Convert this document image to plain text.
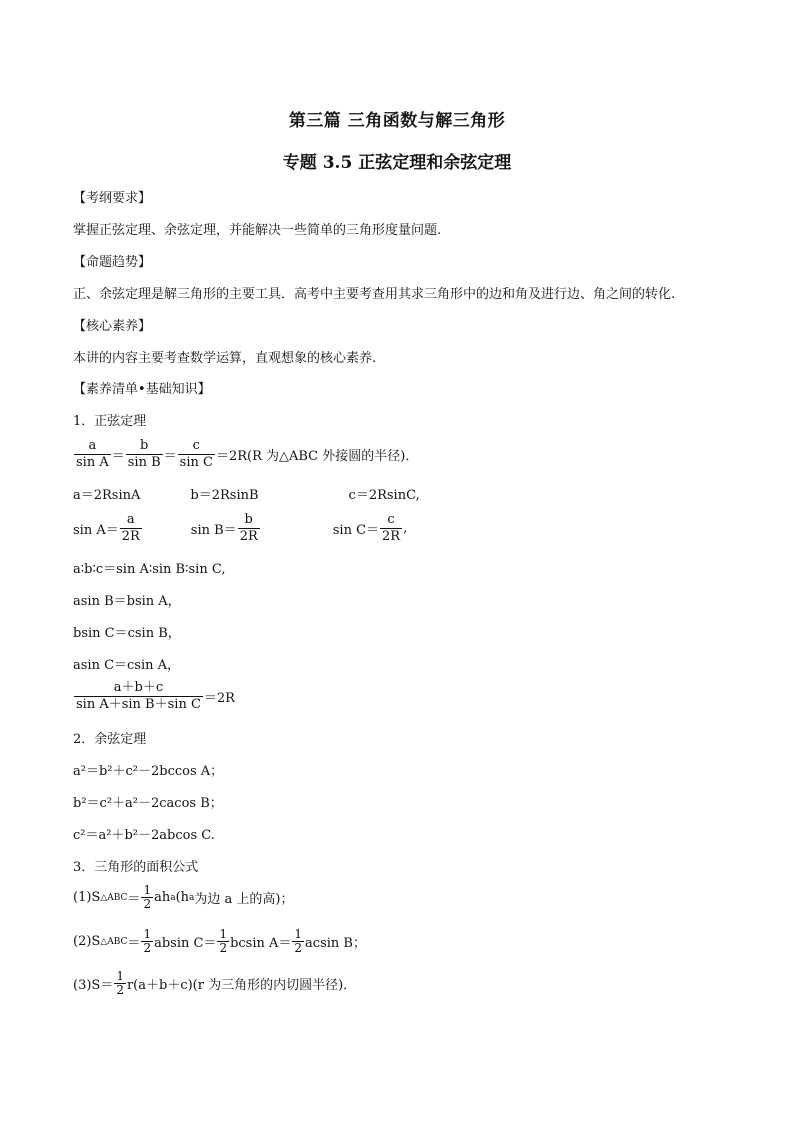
第三篇 三角函数与解三角形
专题 3.5 正弦定理和余弦定理
【考纲要求】
掌握正弦定理、余弦定理，并能解决一些简单的三角形度量问题.
【命题趋势】
正、余弦定理是解三角形的主要工具．高考中主要考查用其求三角形中的边和角及进行边、角之间的转化.
【核心素养】
本讲的内容主要考查数学运算，直观想象的核心素养.
【素养清单•基础知识】
1．正弦定理
$\frac{a}{\text{sin A}} = \frac{b}{\text{sin B}} = \frac{c}{\text{sin C}} =2R(R$ 为△ABC 外接圆的半径)．
a＝2RsinA	b＝2RsinB	c＝2RsinC,
$\sin A= \frac{a}{2R}$	$\sin B= \frac{b}{2R}$	$\sin C= \frac{c}{2R}$ ,
a∶b∶c＝sin A∶sin B∶sin C,
asin B＝bsin A，
bsin C＝csin B，
asin C＝csin A，
$\frac{a+b+c}{\text{sin A＋sin B＋sin C}} =2R$
2．余弦定理
a²＝b²＋c²－2bccos A；
b²＝c²＋a²－2cacos B；
c²＝a²＋b²－2abcos C.
3．三角形的面积公式
(1)S △ABC ＝ $\frac{1}{2}$ ah a (h a 为边 a 上的高)；
(2)S △ABC ＝ $\frac{1}{2}$ absin $C= \frac{1}{2}$ bcsin $A= \frac{1}{2}$ acsin B；
$(3)S= \frac{1}{2} r(a+b+c)(r$ 为三角形的内切圆半径)．
